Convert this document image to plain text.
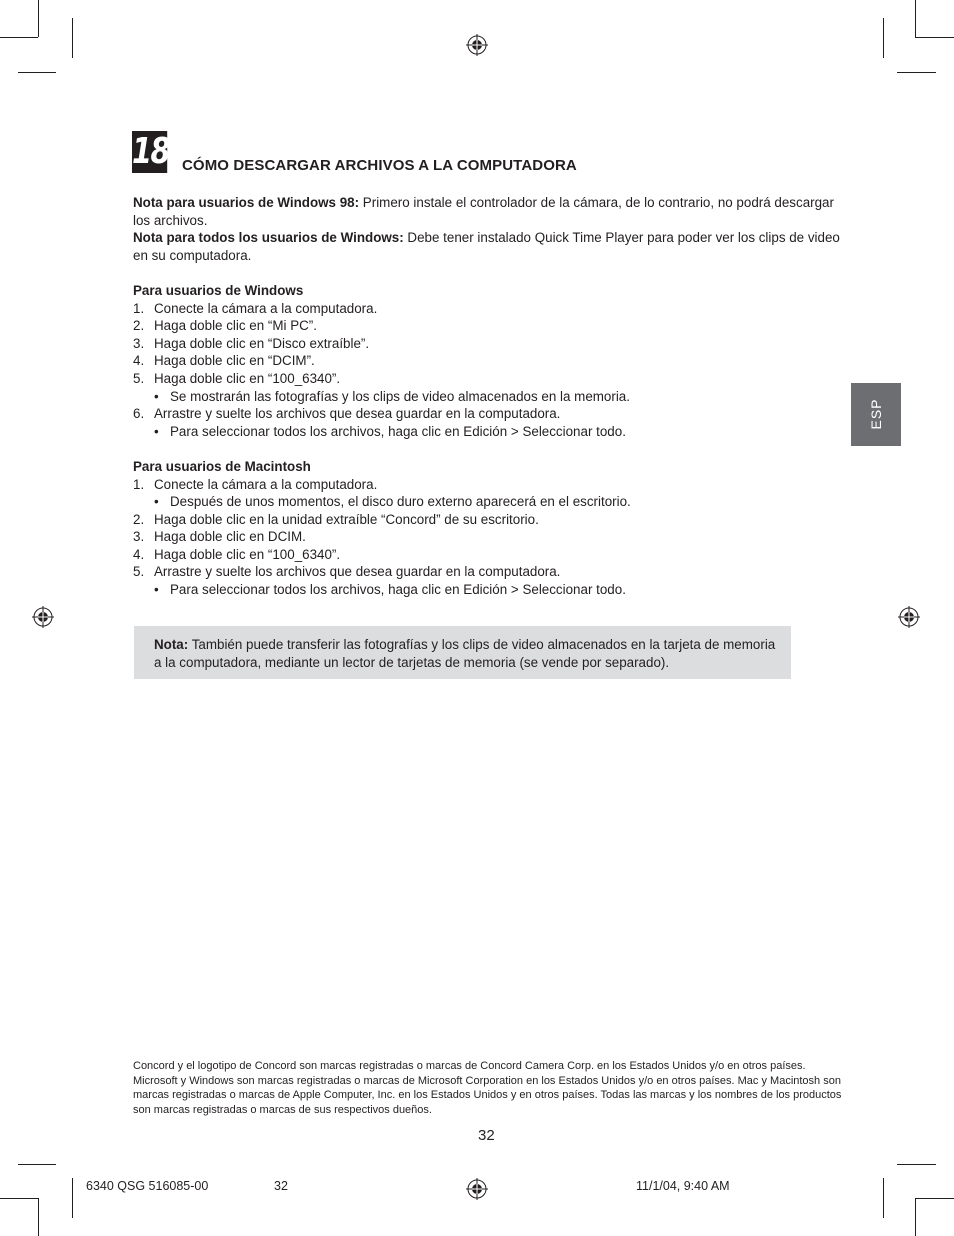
18 CÓMO DESCARGAR ARCHIVOS A LA COMPUTADORA

Nota para usuarios de Windows 98: Primero instale el controlador de la cámara, de lo contrario, no podrá descargar los archivos.

Nota para todos los usuarios de Windows: Debe tener instalado Quick Time Player para poder ver los clips de video en su computadora.

Para usuarios de Windows

1. Conecte la cámara a la computadora.
2. Haga doble clic en “Mi PC”.
3. Haga doble clic en “Disco extraíble”.
4. Haga doble clic en “DCIM”.
5. Haga doble clic en “100_6340”.
• Se mostrarán las fotografías y los clips de video almacenados en la memoria.
6. Arrastre y suelte los archivos que desea guardar en la computadora.
• Para seleccionar todos los archivos, haga clic en Edición > Seleccionar todo.

Para usuarios de Macintosh

1. Conecte la cámara a la computadora.
• Después de unos momentos, el disco duro externo aparecerá en el escritorio.
2. Haga doble clic en la unidad extraíble “Concord” de su escritorio.
3. Haga doble clic en DCIM.
4. Haga doble clic en “100_6340”.
5. Arrastre y suelte los archivos que desea guardar en la computadora.
• Para seleccionar todos los archivos, haga clic en Edición > Seleccionar todo.
Nota: También puede transferir las fotografías y los clips de video almacenados en la tarjeta de memoria a la computadora, mediante un lector de tarjetas de memoria (se vende por separado).
ESP
Concord y el logotipo de Concord son marcas registradas o marcas de Concord Camera Corp. en los Estados Unidos y/o en otros países. Microsoft y Windows son marcas registradas o marcas de Microsoft Corporation en los Estados Unidos y/o en otros países. Mac y Macintosh son marcas registradas o marcas de Apple Computer, Inc. en los Estados Unidos y en otros países. Todas las marcas y los nombres de los productos son marcas registradas o marcas de sus respectivos dueños.
32
6340 QSG 516085-00	32	11/1/04, 9:40 AM
